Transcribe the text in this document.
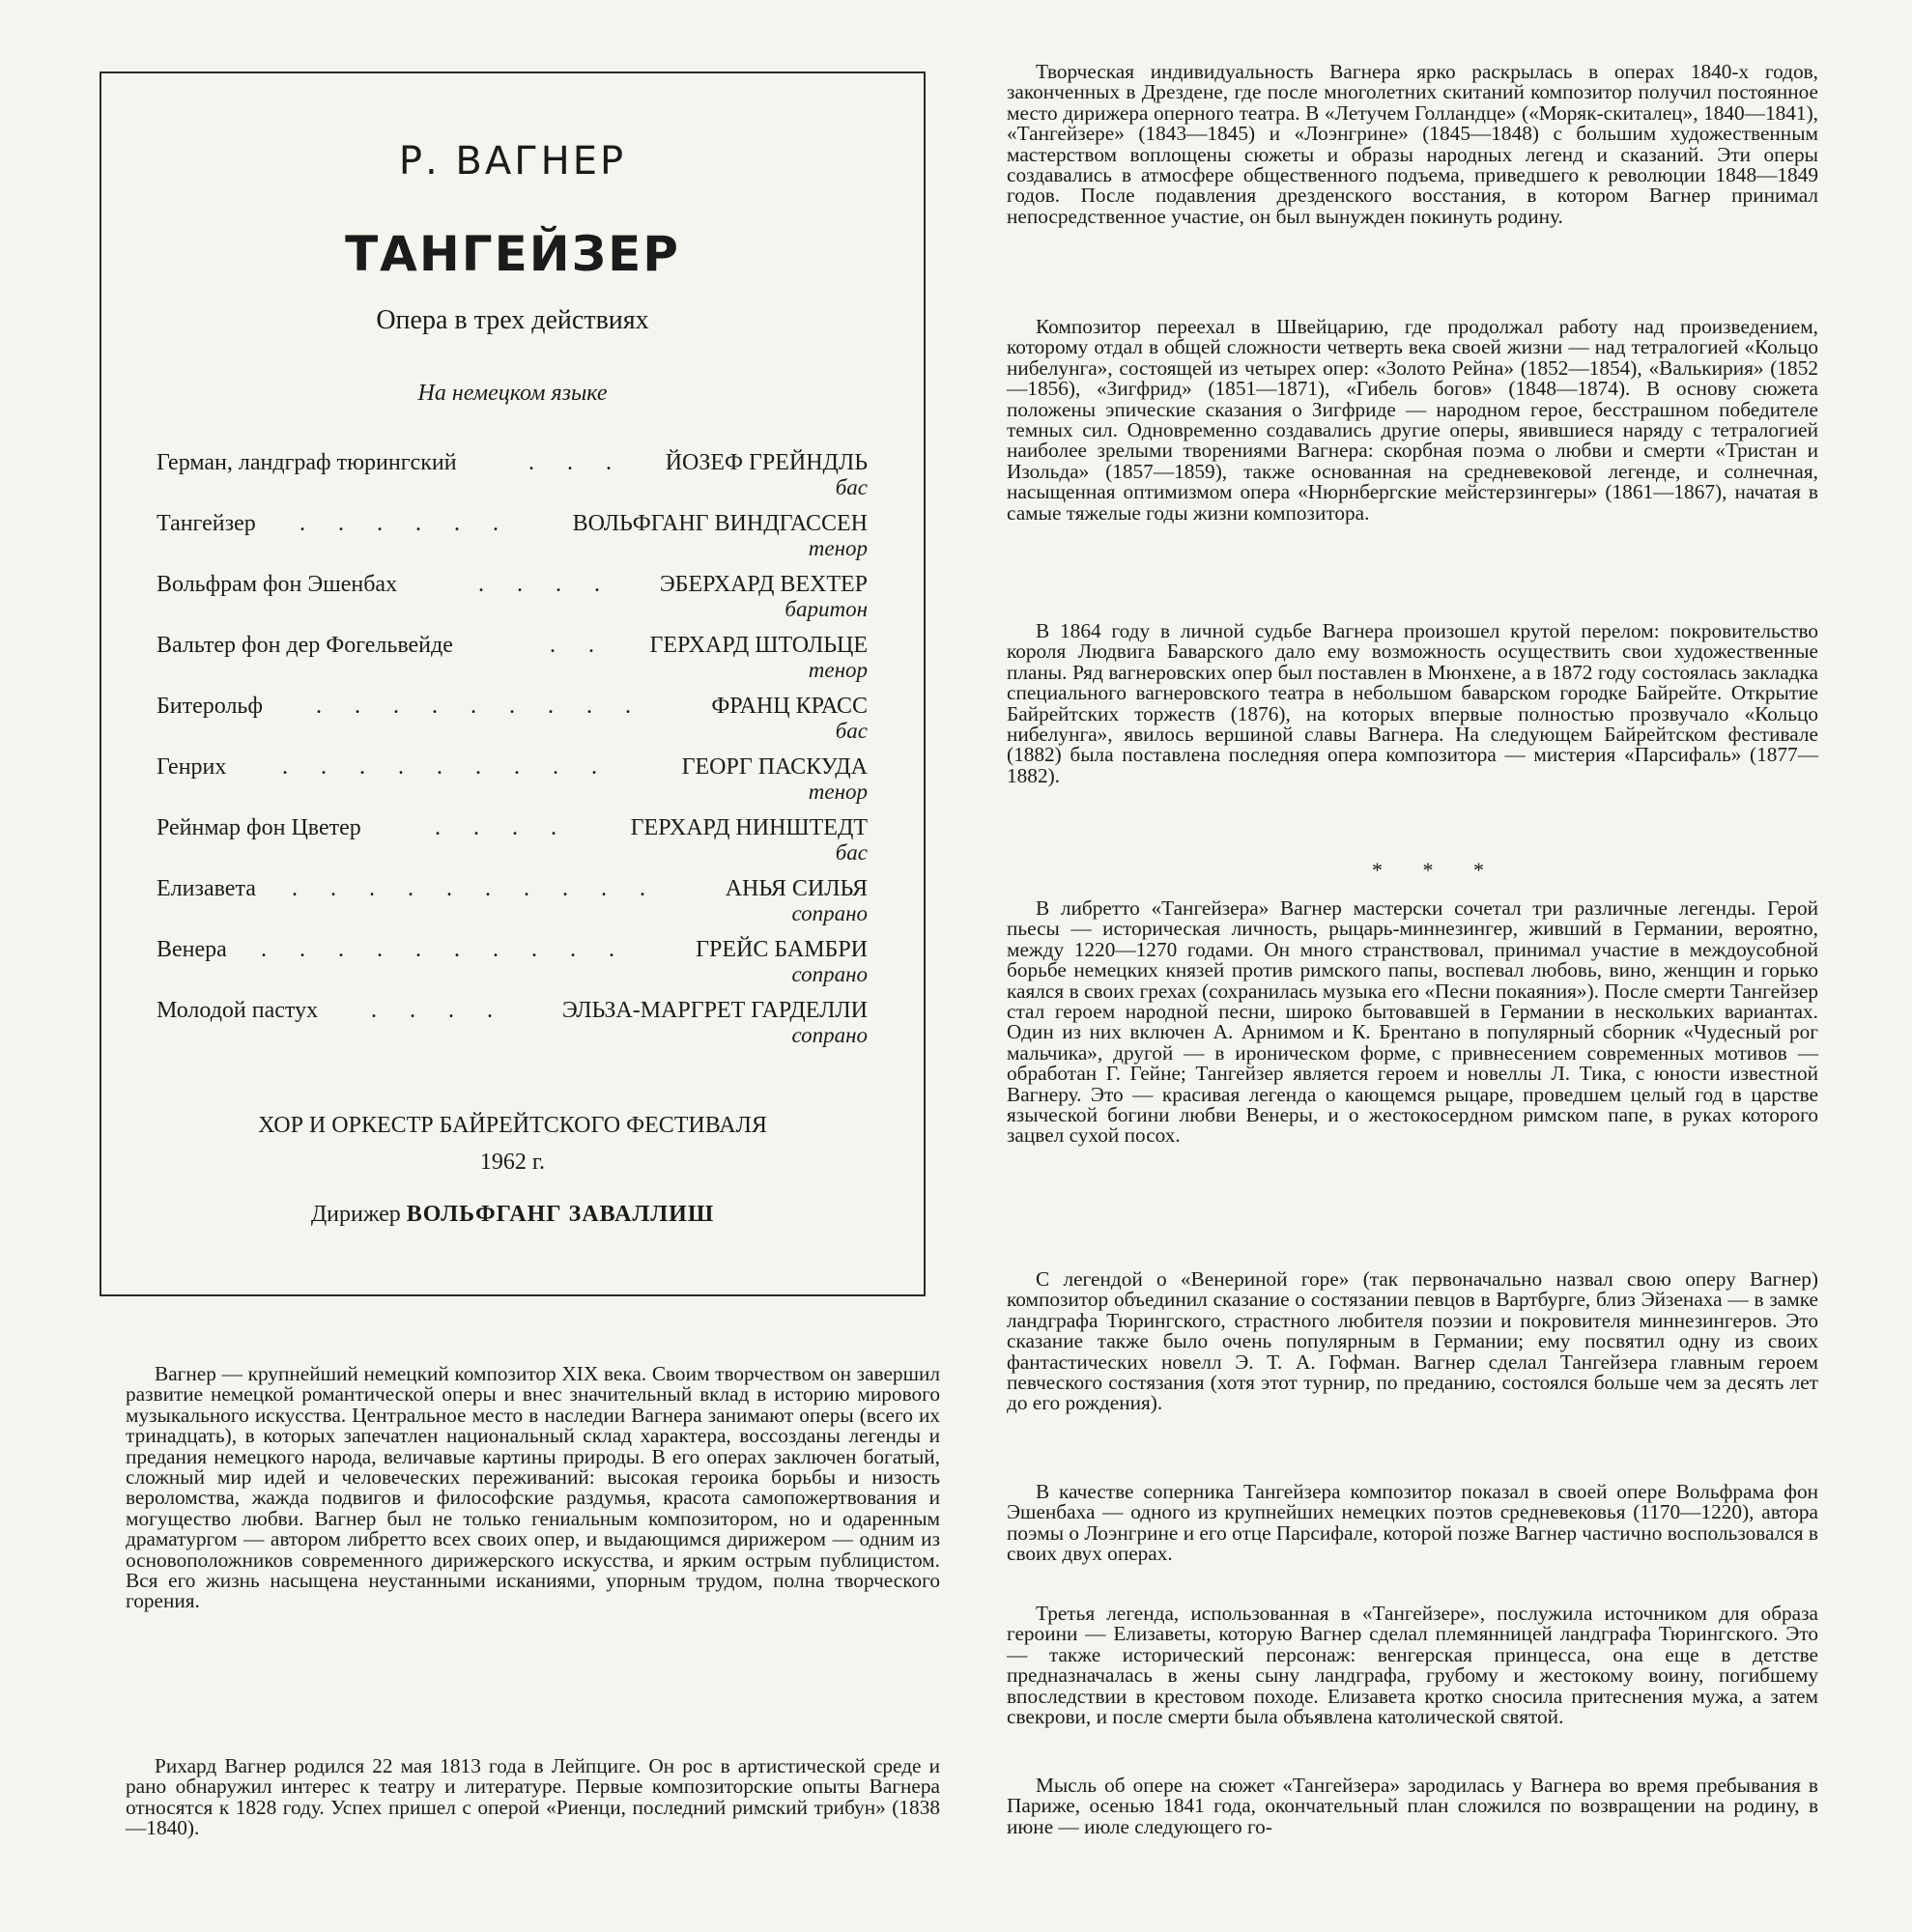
Р. ВАГНЕР
ТАНГЕЙЗЕР
Опера в трех действиях
На немецком языке
Герман, ландграф тюрингский	. . . ЙОЗЕФ ГРЕЙНДЛЬ
бас
Тангейзер . . . . . .	ВОЛЬФГАНГ ВИНДГАССЕН
тенор
Вольфрам фон Эшенбах	. . . . ЭБЕРХАРД ВЕХТЕР
баритон
Вальтер фон дер Фогельвейде	. . ГЕРХАРД ШТОЛЬЦЕ
тенор
Битерольф . . . . . . . . .	ФРАНЦ КРАСС
бас
Генрих . . . . . . . . .	ГЕОРГ ПАСКУДА
тенор
Рейнмар фон Цветер	. . . .	ГЕРХАРД НИНШТЕДТ
бас
Елизавета . . . . . . . . . .	АНЬЯ СИЛЬЯ
сопрано
Венера . . . . . . . . . .	ГРЕЙС БАМБРИ
сопрано
Молодой пастух . . . . ЭЛЬЗА-МАРГРЕТ ГАРДЕЛЛИ
сопрано
ХОР И ОРКЕСТР БАЙРЕЙТСКОГО ФЕСТИВАЛЯ
1962 г.
Дирижер ВОЛЬФГАНГ ЗАВАЛЛИШ
Вагнер — крупнейший немецкий композитор XIX века. Своим творчеством он завершил развитие немецкой романтической оперы и внес значительный вклад в историю мирового музыкального искусства. Центральное место в наследии Вагнера занимают оперы (всего их тринадцать), в которых запечатлен национальный склад характера, воссозданы легенды и предания немецкого народа, величавые картины природы. В его операх заключен богатый, сложный мир идей и человеческих переживаний: высокая героика борьбы и низость вероломства, жажда подвигов и философские раздумья, красота самопожертвования и могущество любви. Вагнер был не только гениальным композитором, но и одаренным драматургом — автором либретто всех своих опер, и выдающимся дирижером — одним из основоположников современного дирижерского искусства, и ярким острым публицистом. Вся его жизнь насыщена неустанными исканиями, упорным трудом, полна творческого горения.
Рихард Вагнер родился 22 мая 1813 года в Лейпциге. Он рос в артистической среде и рано обнаружил интерес к театру и литературе. Первые композиторские опыты Вагнера относятся к 1828 году. Успех пришел с оперой «Риенци, последний римский трибун» (1838—1840).
Творческая индивидуальность Вагнера ярко раскрылась в операх 1840-х годов, законченных в Дрездене, где после многолетних скитаний композитор получил постоянное место дирижера оперного театра. В «Летучем Голландце» («Моряк-скиталец», 1840—1841), «Тангейзере» (1843—1845) и «Лоэнгрине» (1845—1848) с большим художественным мастерством воплощены сюжеты и образы народных легенд и сказаний. Эти оперы создавались в атмосфере общественного подъема, приведшего к революции 1848—1849 годов. После подавления дрезденского восстания, в котором Вагнер принимал непосредственное участие, он был вынужден покинуть родину.
Композитор переехал в Швейцарию, где продолжал работу над произведением, которому отдал в общей сложности четверть века своей жизни — над тетралогией «Кольцо нибелунга», состоящей из четырех опер: «Золото Рейна» (1852—1854), «Валькирия» (1852—1856), «Зигфрид» (1851—1871), «Гибель богов» (1848—1874). В основу сюжета положены эпические сказания о Зигфриде — народном герое, бесстрашном победителе темных сил. Одновременно создавались другие оперы, явившиеся наряду с тетралогией наиболее зрелыми творениями Вагнера: скорбная поэма о любви и смерти «Тристан и Изольда» (1857—1859), также основанная на средневековой легенде, и солнечная, насыщенная оптимизмом опера «Нюрнбергские мейстерзингеры» (1861—1867), начатая в самые тяжелые годы жизни композитора.
В 1864 году в личной судьбе Вагнера произошел крутой перелом: покровительство короля Людвига Баварского дало ему возможность осуществить свои художественные планы. Ряд вагнеровских опер был поставлен в Мюнхене, а в 1872 году состоялась закладка специального вагнеровского театра в небольшом баварском городке Байрейте. Открытие Байрейтских торжеств (1876), на которых впервые полностью прозвучало «Кольцо нибелунга», явилось вершиной славы Вагнера. На следующем Байрейтском фестивале (1882) была поставлена последняя опера композитора — мистерия «Парсифаль» (1877—1882).
* * *
В либретто «Тангейзера» Вагнер мастерски сочетал три различные легенды. Герой пьесы — историческая личность, рыцарь-миннезингер, живший в Германии, вероятно, между 1220—1270 годами. Он много странствовал, принимал участие в междоусобной борьбе немецких князей против римского папы, воспевал любовь, вино, женщин и горько каялся в своих грехах (сохранилась музыка его «Песни покаяния»). После смерти Тангейзер стал героем народной песни, широко бытовавшей в Германии в нескольких вариантах. Один из них включен А. Арнимом и К. Брентано в популярный сборник «Чудесный рог мальчика», другой — в ироническом форме, с привнесением современных мотивов — обработан Г. Гейне; Тангейзер является героем и новеллы Л. Тика, с юности известной Вагнеру. Это — красивая легенда о кающемся рыцаре, проведшем целый год в царстве языческой богини любви Венеры, и о жестокосердном римском папе, в руках которого зацвел сухой посох.
С легендой о «Венериной горе» (так первоначально назвал свою оперу Вагнер) композитор объединил сказание о состязании певцов в Вартбурге, близ Эйзенаха — в замке ландграфа Тюрингского, страстного любителя поэзии и покровителя миннезингеров. Это сказание также было очень популярным в Германии; ему посвятил одну из своих фантастических новелл Э. Т. А. Гофман. Вагнер сделал Тангейзера главным героем певческого состязания (хотя этот турнир, по преданию, состоялся больше чем за десять лет до его рождения).
В качестве соперника Тангейзера композитор показал в своей опере Вольфрама фон Эшенбаха — одного из крупнейших немецких поэтов средневековья (1170—1220), автора поэмы о Лоэнгрине и его отце Парсифале, которой позже Вагнер частично воспользовался в своих двух операх.
Третья легенда, использованная в «Тангейзере», послужила источником для образа героини — Елизаветы, которую Вагнер сделал племянницей ландграфа Тюрингского. Это — также исторический персонаж: венгерская принцесса, она еще в детстве предназначалась в жены сыну ландграфа, грубому и жестокому воину, погибшему впоследствии в крестовом походе. Елизавета кротко сносила притеснения мужа, а затем свекрови, и после смерти была объявлена католической святой.
Мысль об опере на сюжет «Тангейзера» зародилась у Вагнера во время пребывания в Париже, осенью 1841 года, окончательный план сложился по возвращении на родину, в июне — июле следующего го-
